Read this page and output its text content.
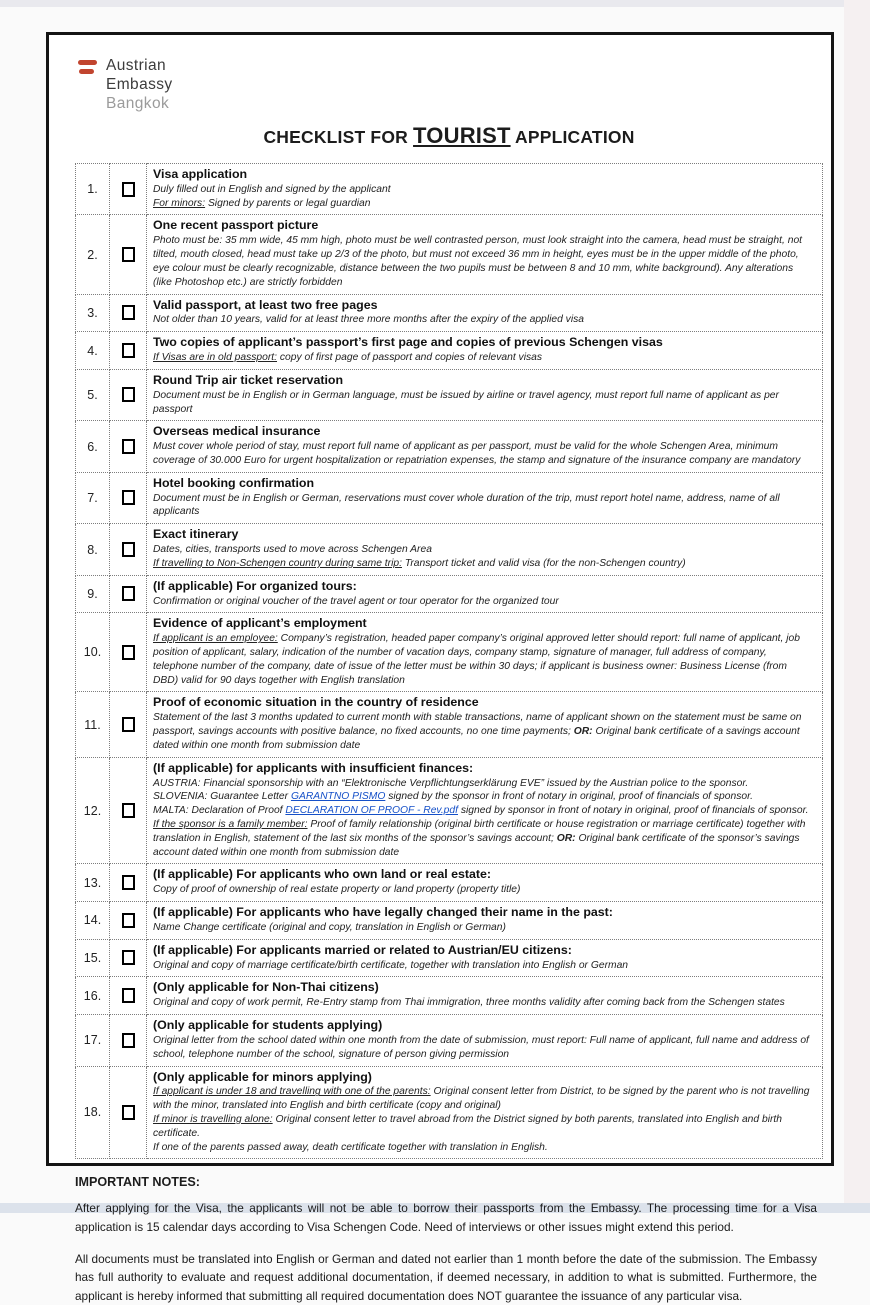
Austrian
Embassy
Bangkok
CHECKLIST FOR TOURIST APPLICATION
1.		Visa application
Duly filled out in English and signed by the applicant
For minors: Signed by parents or legal guardian

2.		One recent passport picture
Photo must be: 35 mm wide, 45 mm high, photo must be well contrasted person, must look straight into the camera, head must be straight, not tilted, mouth closed, head must take up 2/3 of the photo, but must not exceed 36 mm in height, eyes must be in the upper middle of the photo, eye colour must be clearly recognizable, distance between the two pupils must be between 8 and 10 mm, white background). Any alterations (like Photoshop etc.) are strictly forbidden

3.		Valid passport, at least two free pages
Not older than 10 years, valid for at least three more months after the expiry of the applied visa

4.		Two copies of applicant’s passport’s first page and copies of previous Schengen visas
If Visas are in old passport: copy of first page of passport and copies of relevant visas

5.		Round Trip air ticket reservation
Document must be in English or in German language, must be issued by airline or travel agency, must report full name of applicant as per passport

6.		Overseas medical insurance
Must cover whole period of stay, must report full name of applicant as per passport, must be valid for the whole Schengen Area, minimum coverage of 30.000 Euro for urgent hospitalization or repatriation expenses, the stamp and signature of the insurance company are mandatory

7.		Hotel booking confirmation
Document must be in English or German, reservations must cover whole duration of the trip, must report hotel name, address, name of all applicants

8.		Exact itinerary
Dates, cities, transports used to move across Schengen Area
If travelling to Non-Schengen country during same trip: Transport ticket and valid visa (for the non-Schengen country)

9.		(If applicable) For organized tours:
Confirmation or original voucher of the travel agent or tour operator for the organized tour

10.		Evidence of applicant’s employment
If applicant is an employee: Company’s registration, headed paper company’s original approved letter should report: full name of applicant, job position of applicant, salary, indication of the number of vacation days, company stamp, signature of manager, full address of company, telephone number of the company, date of issue of the letter must be within 30 days; if applicant is business owner: Business License (from DBD) valid for 90 days together with English translation

11.		Proof of economic situation in the country of residence
Statement of the last 3 months updated to current month with stable transactions, name of applicant shown on the statement must be same on passport, savings accounts with positive balance, no fixed accounts, no one time payments; OR: Original bank certificate of a savings account dated within one month from submission date

12.		(If applicable) for applicants with insufficient finances:
AUSTRIA: Financial sponsorship with an “Elektronische Verpflichtungserklärung EVE” issued by the Austrian police to the sponsor.
SLOVENIA: Guarantee Letter GARANTNO PISMO signed by the sponsor in front of notary in original, proof of financials of sponsor.
MALTA: Declaration of Proof DECLARATION OF PROOF - Rev.pdf signed by sponsor in front of notary in original, proof of financials of sponsor.
If the sponsor is a family member: Proof of family relationship (original birth certificate or house registration or marriage certificate) together with translation in English, statement of the last six months of the sponsor’s savings account; OR: Original bank certificate of the sponsor’s savings account dated within one month from submission date

13.		(If applicable) For applicants who own land or real estate:
Copy of proof of ownership of real estate property or land property (property title)

14.		(If applicable) For applicants who have legally changed their name in the past:
Name Change certificate (original and copy, translation in English or German)

15.		(If applicable) For applicants married or related to Austrian/EU citizens:
Original and copy of marriage certificate/birth certificate, together with translation into English or German

16.		(Only applicable for Non-Thai citizens)
Original and copy of work permit, Re-Entry stamp from Thai immigration, three months validity after coming back from the Schengen states

17.		(Only applicable for students applying)
Original letter from the school dated within one month from the date of submission, must report: Full name of applicant, full name and address of school, telephone number of the school, signature of person giving permission

18.		(Only applicable for minors applying)
If applicant is under 18 and travelling with one of the parents: Original consent letter from District, to be signed by the parent who is not travelling with the minor, translated into English and birth certificate (copy and original)
If minor is travelling alone: Original consent letter to travel abroad from the District signed by both parents, translated into English and birth certificate.
If one of the parents passed away, death certificate together with translation in English.
IMPORTANT NOTES:

After applying for the Visa, the applicants will not be able to borrow their passports from the Embassy. The processing time for a Visa application is 15 calendar days according to Visa Schengen Code. Need of interviews or other issues might extend this period.

All documents must be translated into English or German and dated not earlier than 1 month before the date of the submission. The Embassy has full authority to evaluate and request additional documentation, if deemed necessary, in addition to what is submitted. Furthermore, the applicant is hereby informed that submitting all required documentation does NOT guarantee the issuance of any particular visa.
